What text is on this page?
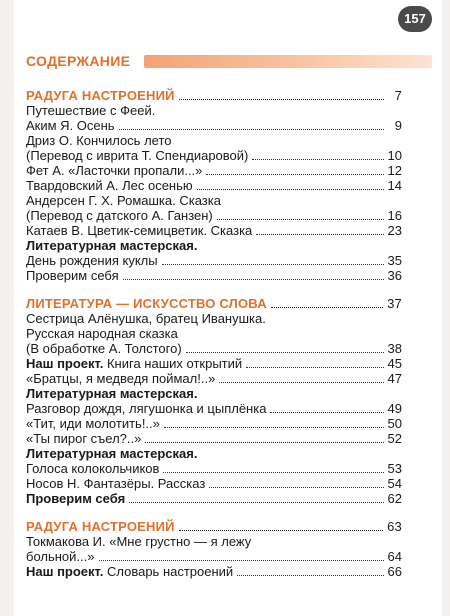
157
СОДЕРЖАНИЕ
РАДУГА НАСТРОЕНИЙ	7
Путешествие с Феей.
Аким Я. Осень	9
Дриз О. Кончилось лето
(Перевод с иврита Т. Спендиаровой)	10
Фет А. «Ласточки пропали...»	12
Твардовский А. Лес осенью	14
Андерсен Г. Х. Ромашка. Сказка
(Перевод с датского А. Ганзен)	16
Катаев В. Цветик-семицветик. Сказка	23
Литературная мастерская.
День рождения куклы	35
Проверим себя	36
ЛИТЕРАТУРА — ИСКУССТВО СЛОВА	37
Сестрица Алёнушка, братец Иванушка.
Русская народная сказка
(В обработке А. Толстого)	38
Наш проект. Книга наших открытий	45
«Братцы, я медведя поймал!..»	47
Литературная мастерская.
Разговор дождя, лягушонка и цыплёнка	49
«Тит, иди молотить!..»	50
«Ты пирог съел?..»	52
Литературная мастерская.
Голоса колокольчиков	53
Носов Н. Фантазёры. Рассказ	54
Проверим себя	62
РАДУГА НАСТРОЕНИЙ	63
Токмакова И. «Мне грустно — я лежу
больной...»	64
Наш проект. Словарь настроений	66
